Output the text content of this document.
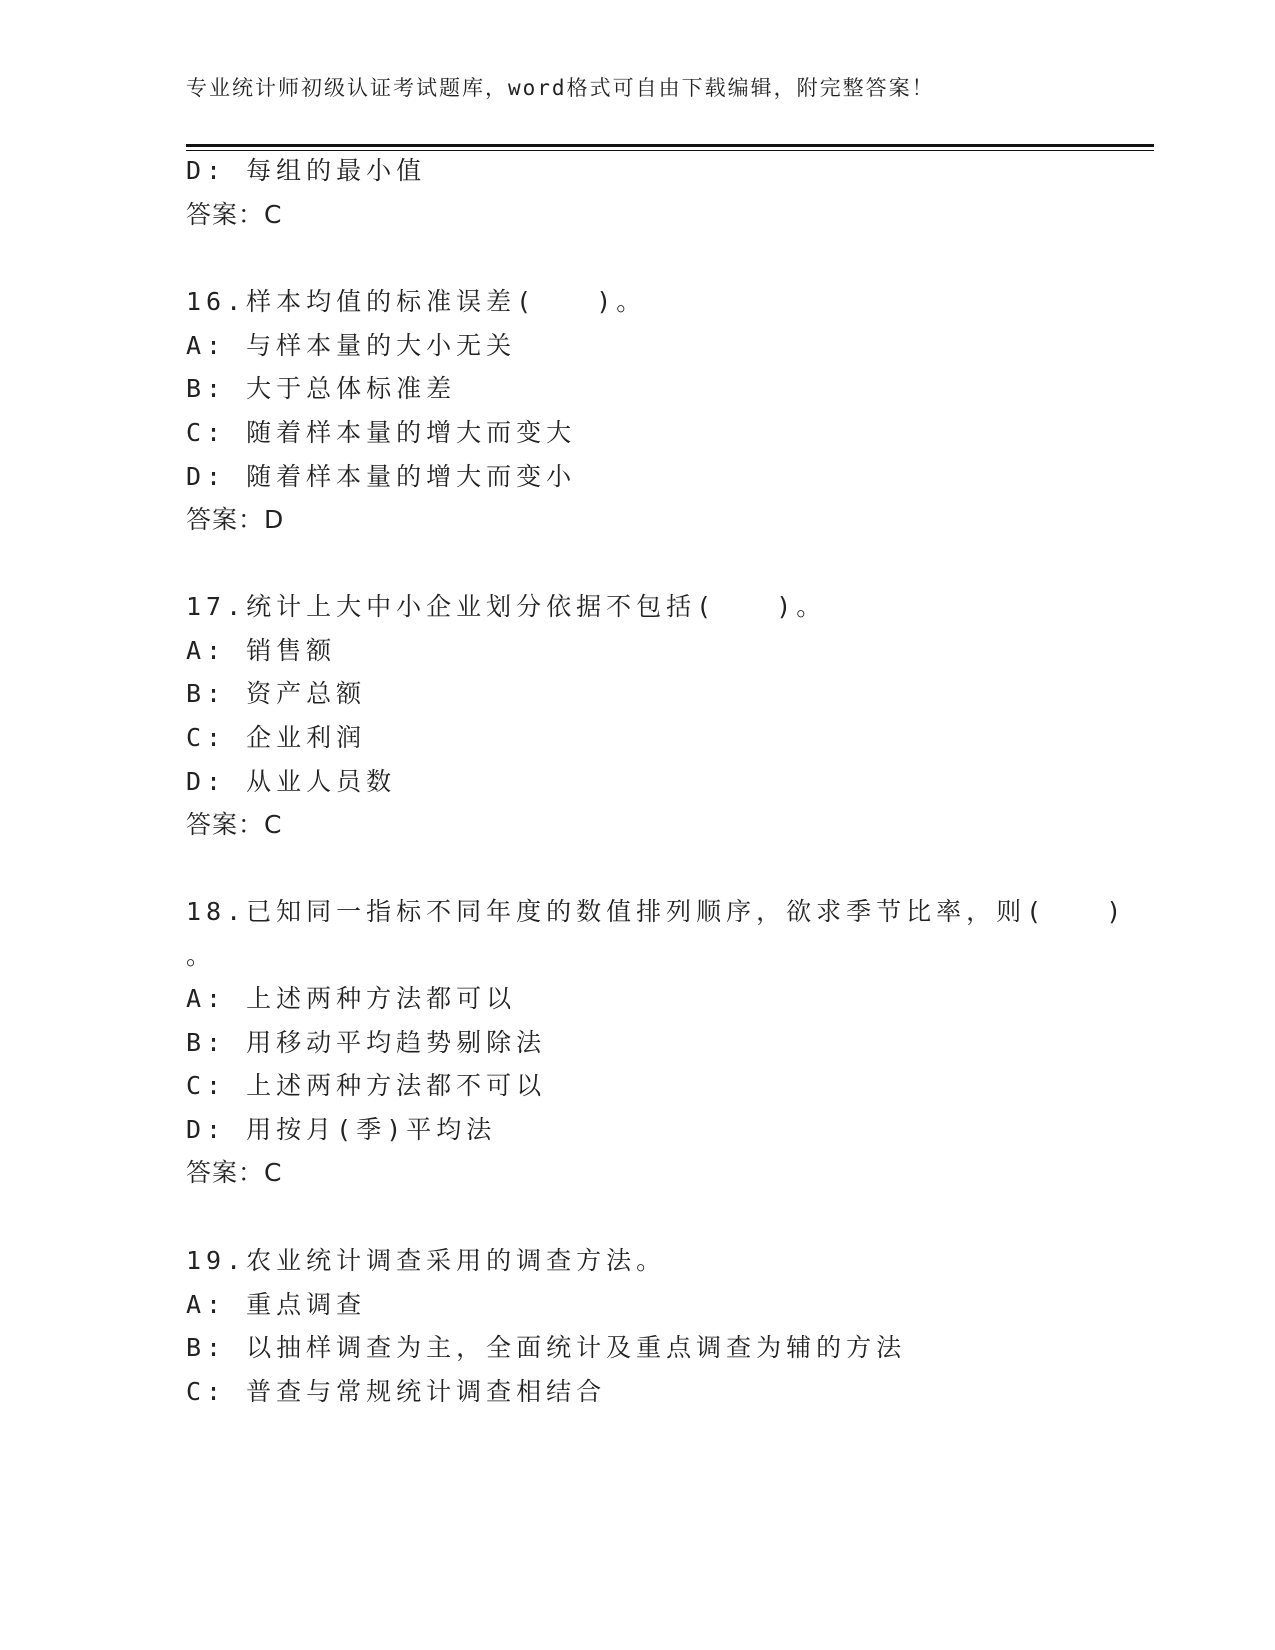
专业统计师初级认证考试题库，word格式可自由下载编辑，附完整答案！
D: 每组的最小值
答案：C
16.样本均值的标准误差(　　)。
A: 与样本量的大小无关
B: 大于总体标准差
C: 随着样本量的增大而变大
D: 随着样本量的增大而变小
答案：D
17.统计上大中小企业划分依据不包括(　　)。
A: 销售额
B: 资产总额
C: 企业利润
D: 从业人员数
答案：C
18.已知同一指标不同年度的数值排列顺序，欲求季节比率，则(　　)
。
A: 上述两种方法都可以
B: 用移动平均趋势剔除法
C: 上述两种方法都不可以
D: 用按月(季)平均法
答案：C
19.农业统计调查采用的调查方法。
A: 重点调查
B: 以抽样调查为主，全面统计及重点调查为辅的方法
C: 普查与常规统计调查相结合
